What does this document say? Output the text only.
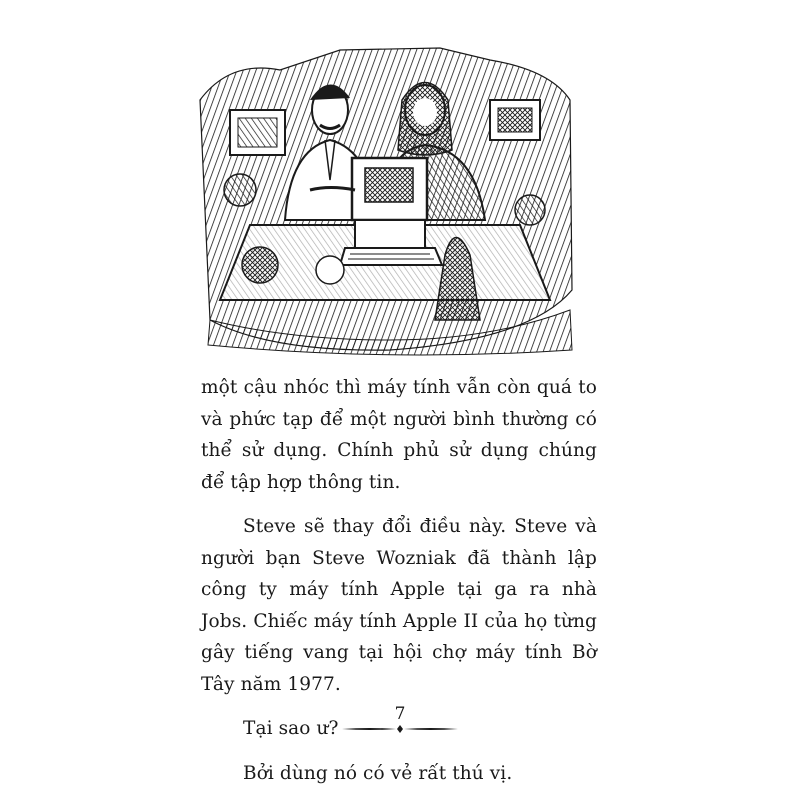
một cậu nhóc thì máy tính vẫn còn quá to và phức tạp để một người bình thường có thể sử dụng. Chính phủ sử dụng chúng để tập hợp thông tin.

Steve sẽ thay đổi điều này. Steve và người bạn Steve Wozniak đã thành lập công ty máy tính Apple tại ga ra nhà Jobs. Chiếc máy tính Apple II của họ từng gây tiếng vang tại hội chợ máy tính Bờ Tây năm 1977.

Tại sao ư?

Bởi dùng nó có vẻ rất thú vị.

7
